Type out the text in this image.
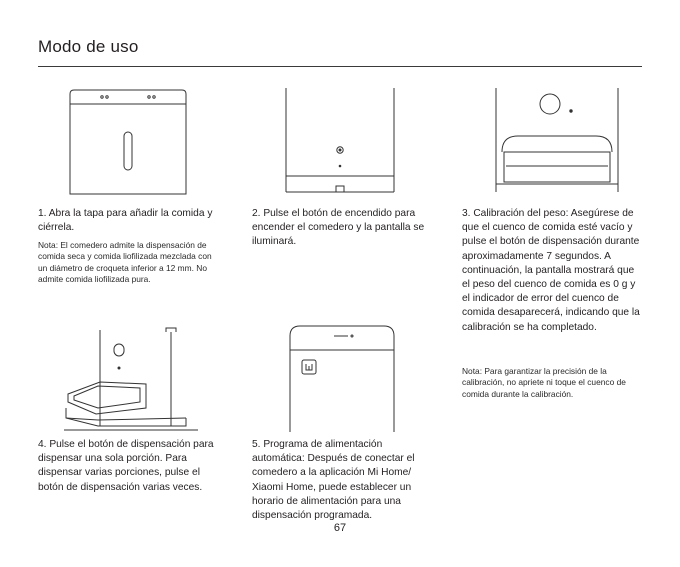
Modo de uso
1. Abra la tapa para añadir la comida y ciérrela.
Nota: El comedero admite la dispensación de comida seca y comida liofilizada mezclada con un diámetro de croqueta inferior a 12 mm. No admite comida liofilizada pura.
2. Pulse el botón de encendido para encender el comedero y la pantalla se iluminará.
3. Calibración del peso: Asegúrese de que el cuenco de comida esté vacío y pulse el botón de dispensación durante aproximadamente 7 segundos. A continuación, la pantalla mostrará que el peso del cuenco de comida es 0 g y el indicador de error del cuenco de comida desaparecerá, indicando que la calibración se ha completado.
Nota: Para garantizar la precisión de la calibración, no apriete ni toque el cuenco de comida durante la calibración.
4. Pulse el botón de dispensación para dispensar una sola porción. Para dispensar varias porciones, pulse el botón de dispensación varias veces.
5. Programa de alimentación automática: Después de conectar el comedero a la aplicación Mi Home/ Xiaomi Home, puede establecer un horario de alimentación para una dispensación programada.
67
